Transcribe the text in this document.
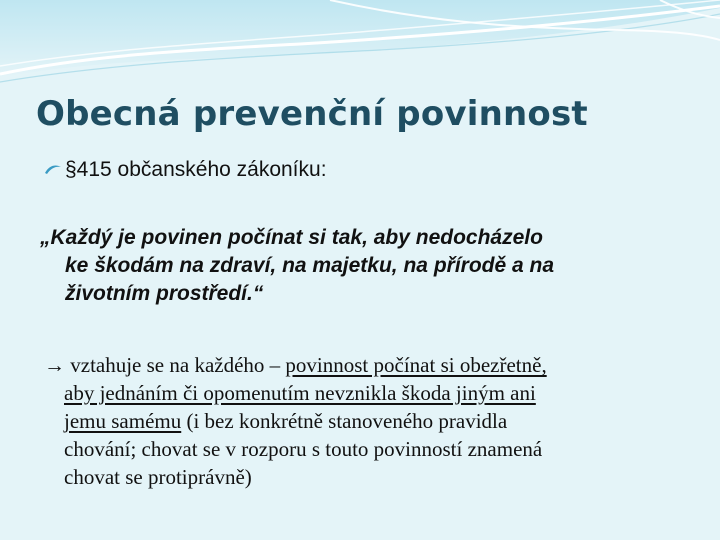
Obecná prevenční povinnost
§415 občanského zákoníku:
„Každý je povinen počínat si tak, aby nedocházelo
ke škodám na zdraví, na majetku, na přírodě a na
životním prostředí.“
→ vztahuje se na každého – povinnost počínat si obezřetně,
aby jednáním či opomenutím nevznikla škoda jiným ani
jemu samému (i bez konkrétně stanoveného pravidla
chování; chovat se v rozporu s touto povinností znamená
chovat se protiprávně)
